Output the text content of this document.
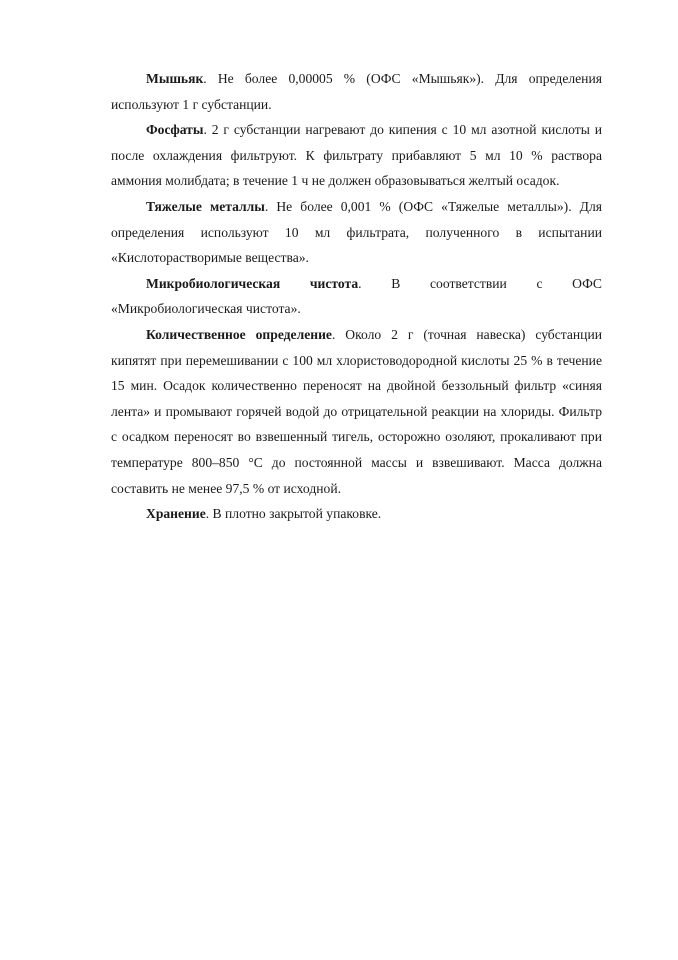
Мышьяк. Не более 0,00005 % (ОФС «Мышьяк»). Для определения используют 1 г субстанции.

Фосфаты. 2 г субстанции нагревают до кипения с 10 мл азотной кислоты и после охлаждения фильтруют. К фильтрату прибавляют 5 мл 10 % раствора аммония молибдата; в течение 1 ч не должен образовываться желтый осадок.

Тяжелые металлы. Не более 0,001 % (ОФС «Тяжелые металлы»). Для определения используют 10 мл фильтрата, полученного в испытании «Кислоторастворимые вещества».

Микробиологическая чистота. В соответствии с ОФС «Микробиологическая чистота».

Количественное определение. Около 2 г (точная навеска) субстанции кипятят при перемешивании с 100 мл хлористоводородной кислоты 25 % в течение 15 мин. Осадок количественно переносят на двойной беззольный фильтр «синяя лента» и промывают горячей водой до отрицательной реакции на хлориды. Фильтр с осадком переносят во взвешенный тигель, осторожно озоляют, прокаливают при температуре 800–850 °C до постоянной массы и взвешивают. Масса должна составить не менее 97,5 % от исходной.

Хранение. В плотно закрытой упаковке.
